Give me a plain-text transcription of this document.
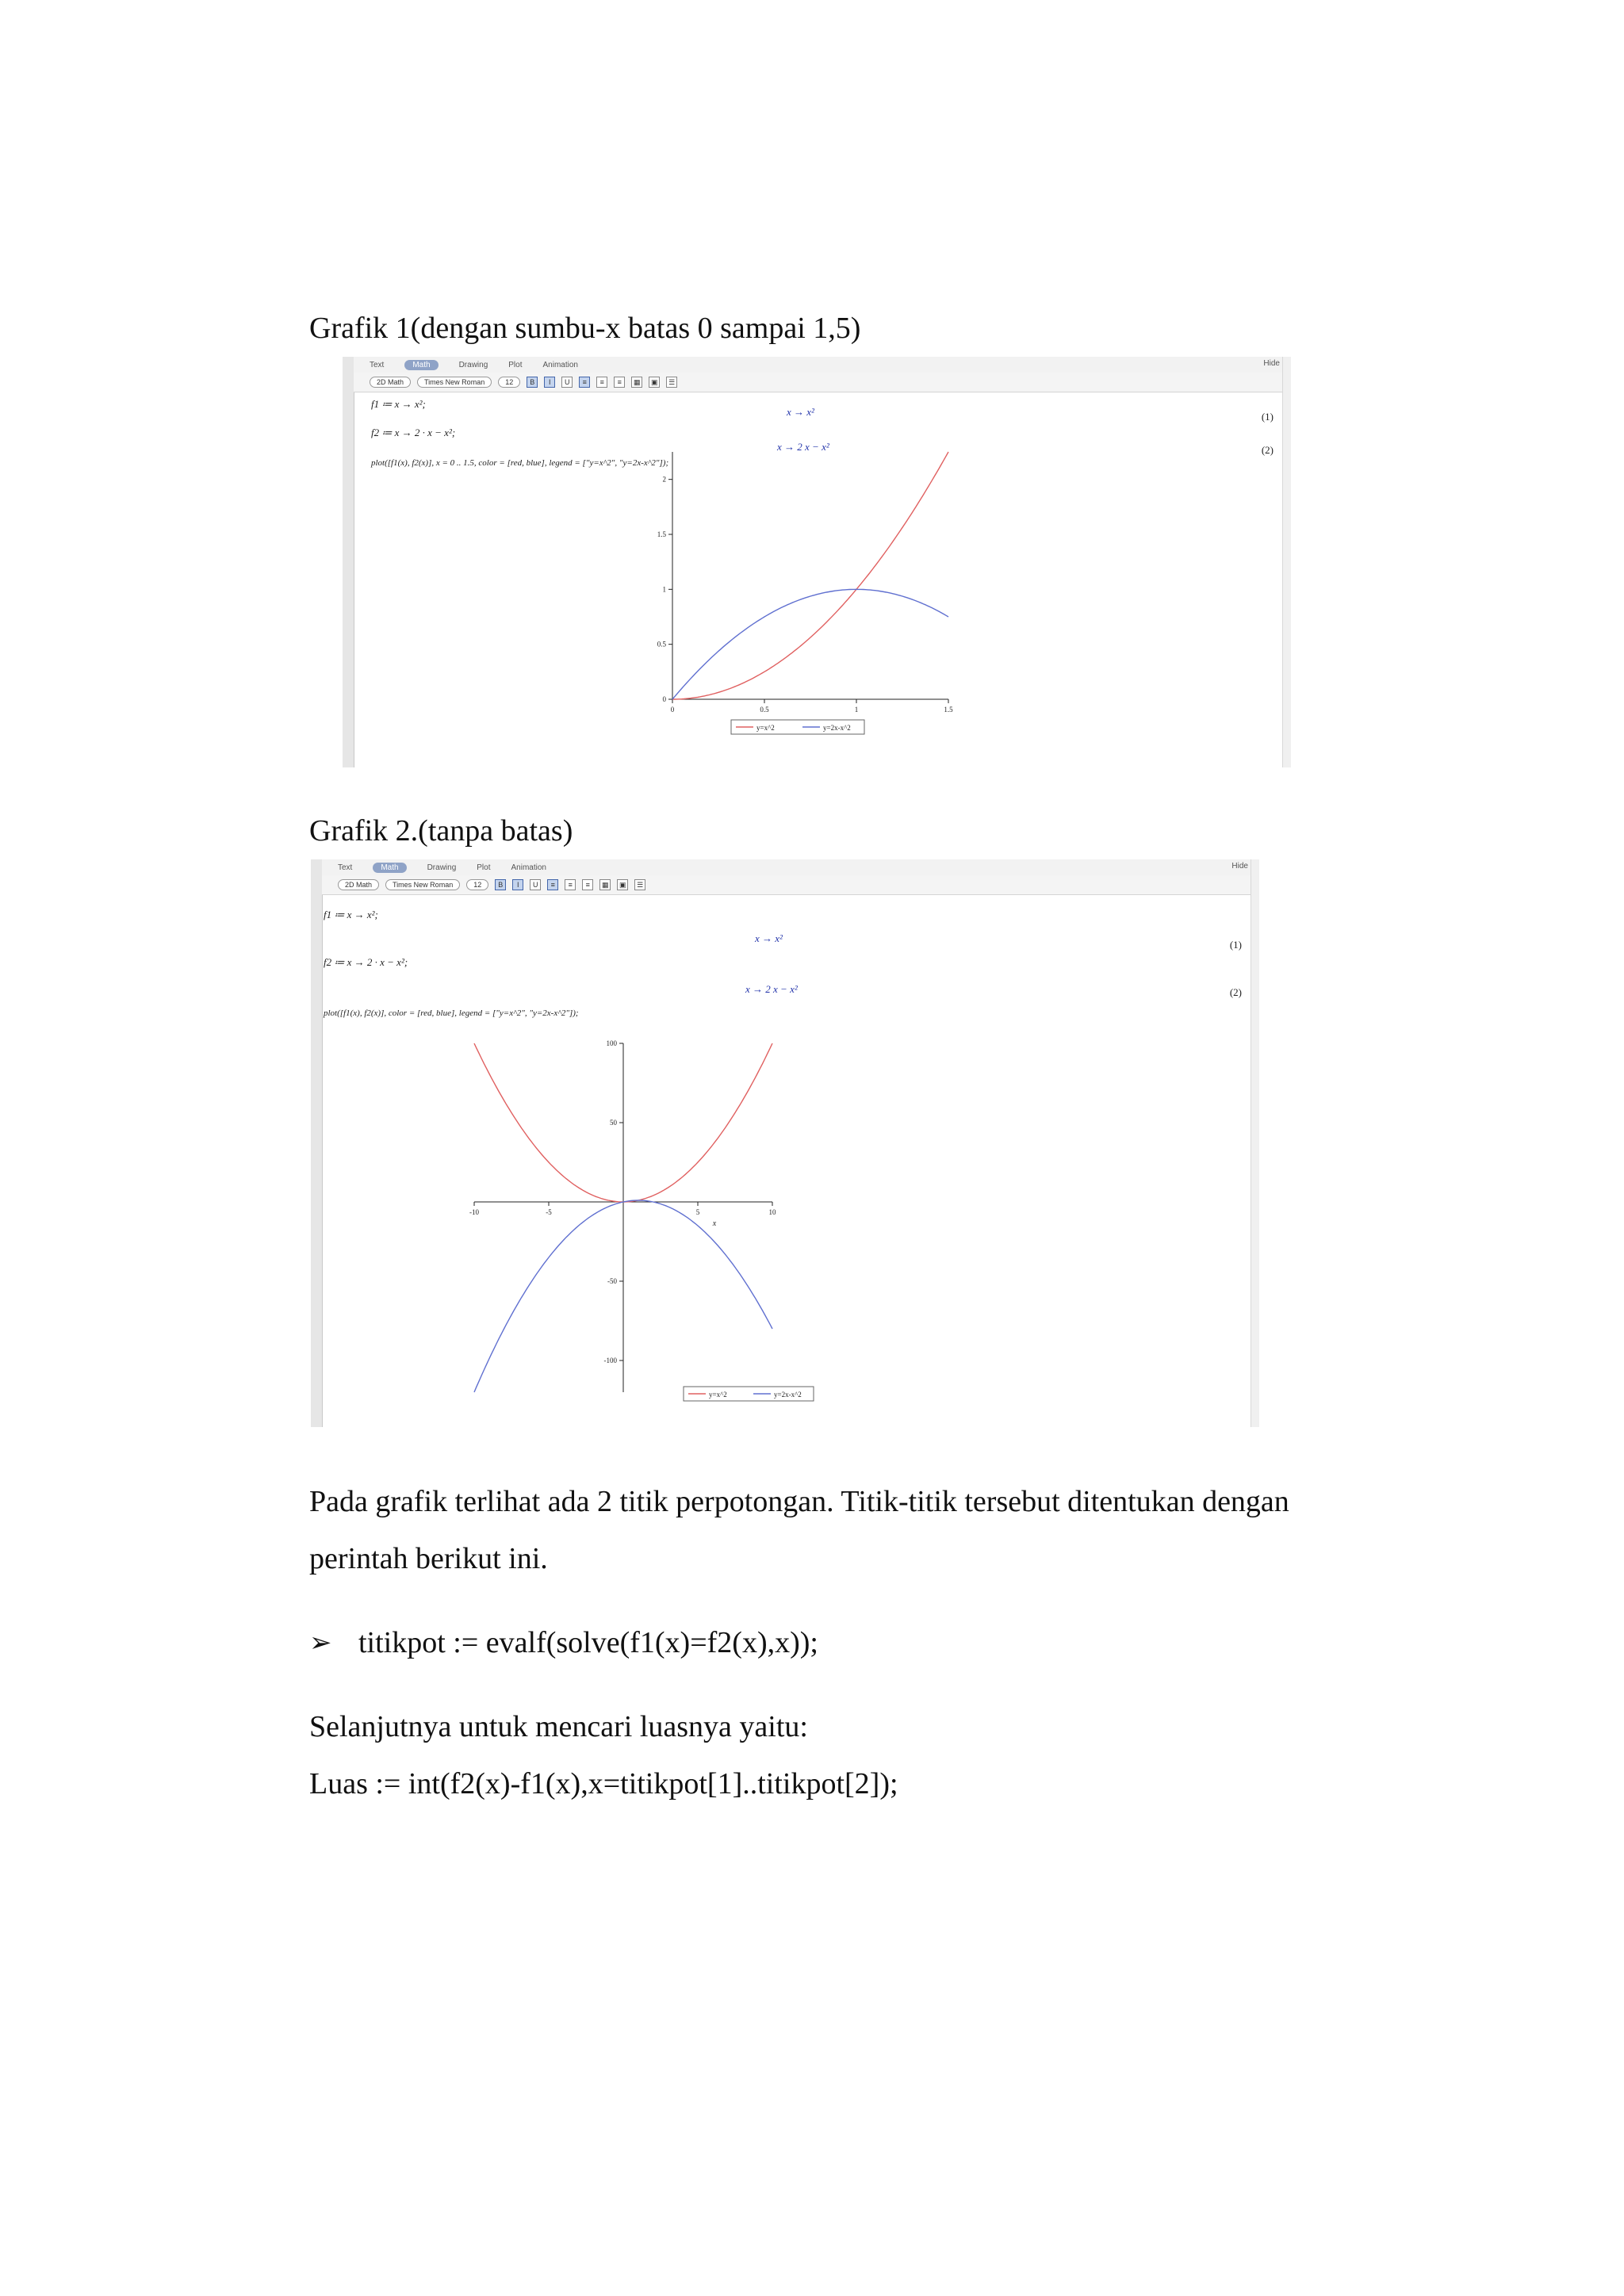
Grafik 1(dengan sumbu-x batas 0 sampai 1,5)
Text	Math	Drawing	Plot	Animation	Hide
2D Math	Times New Roman	12	B	I	U	≡	≡	≡	▦	▣	☰
f1 ≔ x → x²;
x → x²	(1)
f2 ≔ x → 2 · x − x²;
x → 2 x − x²	(2)
plot([f1(x), f2(x)], x = 0 .. 1.5, color = [red, blue], legend = ["y=x^2", "y=2x-x^2"]);
0	0.5	1	1.5
0
0.5
1
1.5
2
y=x^2	y=2x-x^2
Grafik 2.(tanpa batas)
Text	Math	Drawing	Plot	Animation	Hide
2D Math	Times New Roman	12	B	I	U	≡	≡	≡	▦	▣	☰
f1 ≔ x → x²;
x → x²
(1)
f2 ≔ x → 2 · x − x²;
x → 2 x − x²	(2)
plot([f1(x), f2(x)], color = [red, blue], legend = ["y=x^2", "y=2x-x^2"]);
-10	-5	5	10
100
50
-50
-100
x
y=x^2	y=2x-x^2

Pada grafik terlihat ada 2 titik perpotongan. Titik-titik tersebut ditentukan dengan perintah berikut ini.

➢ titikpot := evalf(solve(f1(x)=f2(x),x));
Selanjutnya untuk mencari luasnya yaitu:
Luas := int(f2(x)-f1(x),x=titikpot[1]..titikpot[2]);
